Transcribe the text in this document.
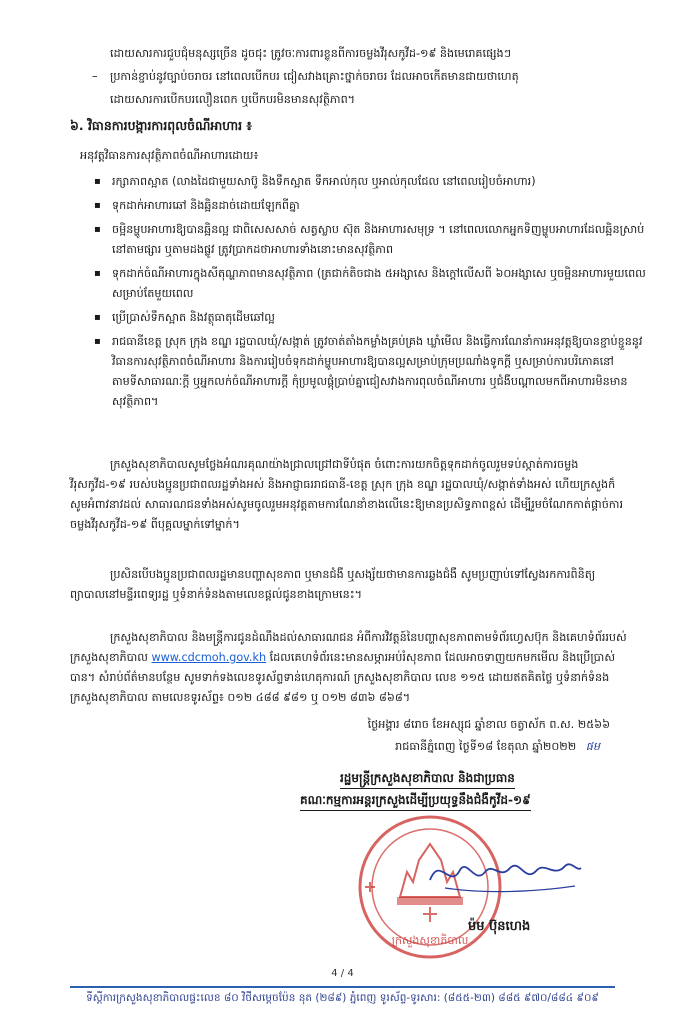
ដោយសារការជួបជុំមនុស្សច្រើន ដូចជុះ ត្រូវចៈការពារខ្លួនពីការចម្លងវីរុសកូវីដ-១៩ និងមេរោគផ្សេងៗ
–	ប្រកាន់ខ្ជាប់នូវច្បាប់ចរាចរ នៅពេលបើកបរ ជៀសវាងគ្រោះថ្នាក់ចរាចរ ដែលអាចកើតមានជាយថាហេតុ
ដោយសារការបើកបរលឿនពេក ឬបើកបរមិនមានសុវត្ថិភាព។
៦. វិធានការបង្ការការពុលចំណីអាហារ ៖
អនុវត្តវិធានការសុវត្ថិភាពចំណីអាហារដោយ៖
▪ រក្សាភាពស្អាត (លាងដៃជាមួយសាប៊ូ និងទឹកស្អាត ទឹកអាល់កុល ឬអាល់កុលជែល នៅពេលរៀបចំអាហារ)
▪ ទុកដាក់អាហារឆៅ និងឆ្អិនដាច់ដោយឡែកពីគ្នា
▪ ចម្អិនម្ហូបអាហារឱ្យបានឆ្អិនល្អ ជាពិសេសសាច់ សត្វស្លាប ស៊ុត និងអាហារសមុទ្រ ។ នៅពេលលោកអ្នកទិញម្ហូបអាហារដែលឆ្អិនស្រាប់ នៅតាមផ្សារ ឬតាមដងផ្លូវ ត្រូវប្រាកដថាអាហារទាំងនោះមានសុវត្ថិភាព
▪ ទុកដាក់ចំណីអាហារក្នុងសីតុណ្ហភាពមានសុវត្ថិភាព (ត្រជាក់តិចជាង ៥អង្សាសេ និងក្តៅលើសពី ៦០អង្សាសេ ឬចម្អិនអាហារមួយពេលសម្រាប់តែមួយពេល
▪ ប្រើប្រាស់ទឹកស្អាត និងវត្ថុធាតុដើមឆៅល្អ
▪ រាជធានីខេត្ត ស្រុក ក្រុង ខណ្ឌ រដ្ឋបាលឃុំ/សង្កាត់ ត្រូវចាត់តាំងកម្លាំងគ្រប់គ្រង ឃ្លាំមើល និងធ្វើការណែនាំការអនុវត្តឱ្យបានខ្ជាប់ខ្ជួននូវវិធានការសុវត្ថិភាពចំណីអាហារ និងការរៀបចំទុកដាក់ម្ហូបអាហារឱ្យបានល្អសម្រាប់ក្រុមប្រណាំងទូកក្តី ឬសម្រាប់ការបរិភោគនៅតាមទីសាធារណៈក្តី ឬអ្នកលក់ចំណីអាហារក្តី កុំប្រមូលផ្តុំប្រាប់គ្នាជៀសវាងការពុលចំណីអាហារ ឬជំងឺបណ្ដាលមកពីអាហារមិនមានសុវត្ថិភាព។
ក្រសួងសុខាភិបាលសូមថ្លែងអំណរគុណយ៉ាងជ្រាលជ្រៅជាទីបំផុត ចំពោះការយកចិត្តទុកដាក់ចូលរួមទប់ស្កាត់ការចម្លងវីរុសកូវីដ-១៩ របស់បងប្អូនប្រជាពលរដ្ឋទាំងអស់ និងអាជ្ញាធររាជធានី-ខេត្ត ស្រុក ក្រុង ខណ្ឌ រដ្ឋបាលឃុំ/សង្កាត់ទាំងអស់ ហើយក្រសួងក៏សូមអំពាវនាវដល់ សាធារណជនទាំងអស់សូមចូលរួមអនុវត្តតាមការណែនាំខាងលើនេះឱ្យមានប្រសិទ្ធភាពខ្ពស់ ដើម្បីរួមចំណែកកាត់ផ្តាច់ការចម្លងវីរុសកូវីដ-១៩ ពីបុគ្គលម្នាក់ទៅម្នាក់។
ប្រសិនបើបងប្អូនប្រជាពលរដ្ឋមានបញ្ហាសុខភាព ឬមានជំងឺ ឬសង្ស័យថាមានការឆ្លងជំងឺ សូមប្រញាប់ទៅស្វែងរកការពិនិត្យព្យាបាលនៅមន្ទីរពេទ្យរដ្ឋ ឬទំនាក់ទំនងតាមលេខផ្តល់ជូនខាងក្រោមនេះ។
ក្រសួងសុខាភិបាល និងមន្ត្រីការជូនដំណឹងដល់សាធារណជន អំពីការវិវត្តន៍នៃបញ្ហាសុខភាពតាមទំព័រហ្វេសប៊ុក និងគេហទំព័ររបស់ក្រសួងសុខាភិបាល www.cdcmoh.gov.kh ដែលគេហទំព័រនេះមានសម្ភារអប់រំសុខភាព ដែលអាចទាញយកមកមើល និងប្រើប្រាស់បាន។ សំរាប់ព័ត៌មានបន្ថែម សូមទាក់ទងលេខទូរស័ព្ទទាន់ហេតុការណ៍ ក្រសួងសុខាភិបាល លេខ ១១៥ ដោយឥតគិតថ្លៃ ឬទំនាក់ទំនងក្រសួងសុខាភិបាល តាមលេខទូរស័ព្ទ៖ ០១២ ៤៨៨ ៩៨១ ឬ ០១២ ៨៣៦ ៨៦៨។
ថ្ងៃអង្គារ ៨រោច ខែអស្សុជ ឆ្នាំខាល ចត្វាស័ក ព.ស. ២៥៦៦
រាជធានីភ្នំពេញ ថ្ងៃទី១៨ ខែតុលា ឆ្នាំ២០២២ ផម
រដ្ឋមន្ត្រីក្រសួងសុខាភិបាល និងជាប្រធាន
គណៈកម្មការអន្តរក្រសួងដើម្បីប្រយុទ្ធនឹងជំងឺកូវីដ-១៩
ក្រសួងសុខាភិបាល
Mam Bunheng
ម៉ម ប៊ុនហេង
4 / 4
ទីស្ដីការក្រសួងសុខាភិបាលផ្ទះលេខ ៨០ វិថីសម្ដេចប៉ែន នុត (២៨៩) ភ្នំពេញ ទូរស័ព្ទ-ទូរសារ: (៨៥៥-២៣) ៨៨៥ ៩៧០/៨៨៤ ៩០៩
